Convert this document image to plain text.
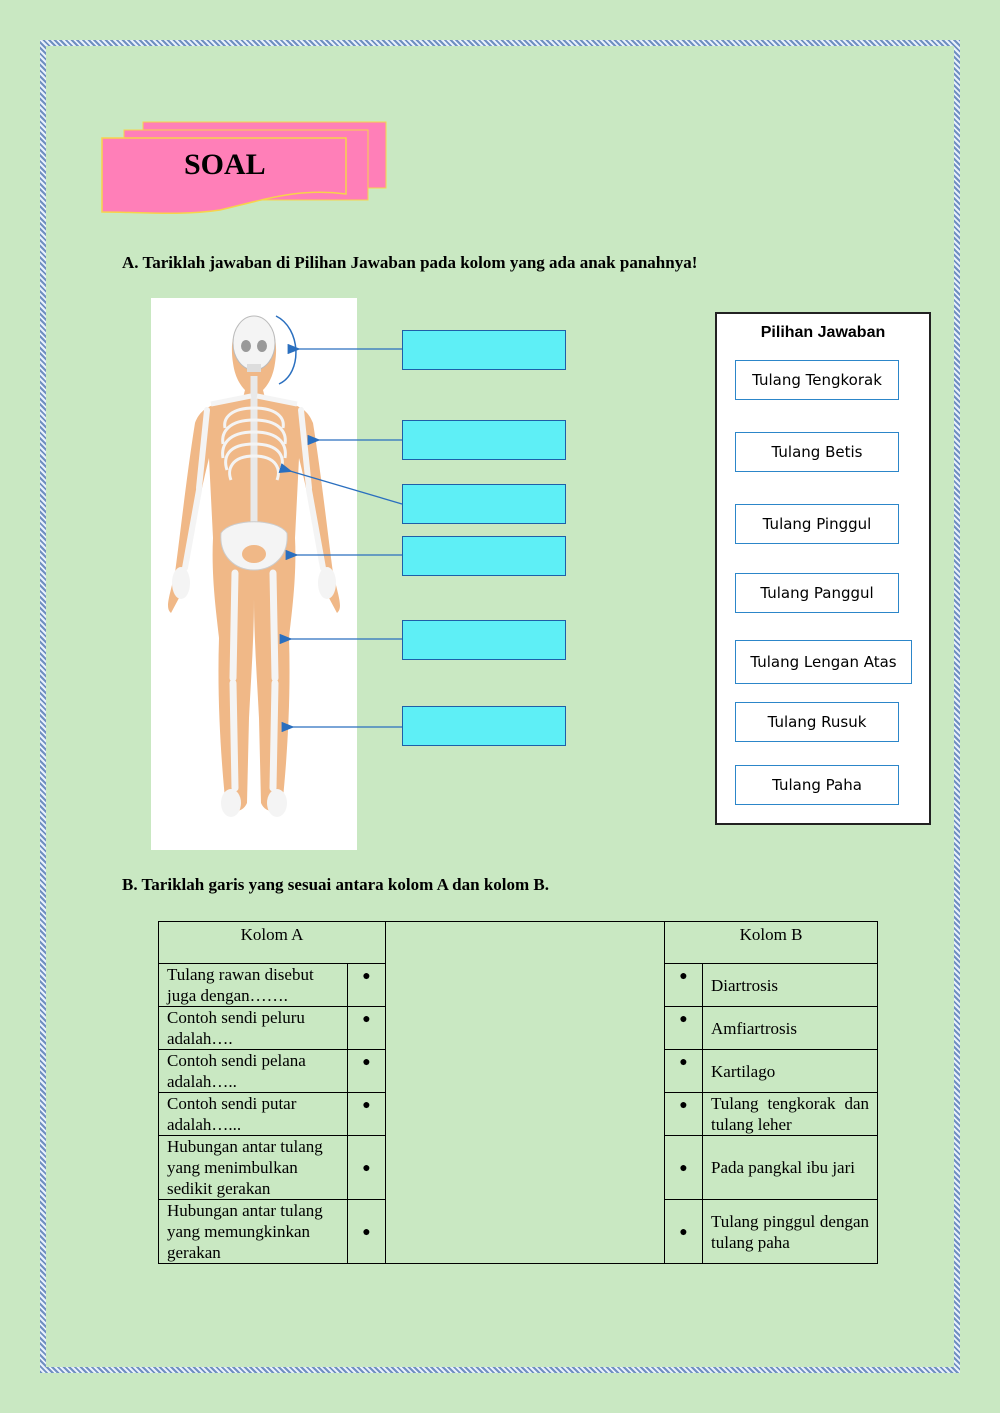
SOAL
A. Tariklah jawaban di Pilihan Jawaban pada kolom yang ada anak panahnya!
Pilihan Jawaban
Tulang Tengkorak
Tulang Betis
Tulang Pinggul
Tulang Panggul
Tulang Lengan Atas
Tulang Rusuk
Tulang Paha
B. Tariklah garis yang sesuai antara kolom A dan kolom B.
Kolom A			Kolom B	
Tulang rawan disebut juga dengan…….	●		●	Diartrosis
Contoh sendi peluru adalah….	●		●	Amfiartrosis
Contoh sendi pelana adalah…..	●		●	Kartilago
Contoh sendi putar adalah…...	●		●	Tulang tengkorak dan tulang leher
Hubungan antar tulang yang menimbulkan sedikit gerakan	●		●	Pada pangkal ibu jari
Hubungan antar tulang yang memungkinkan gerakan	●		●	Tulang pinggul dengan tulang paha
